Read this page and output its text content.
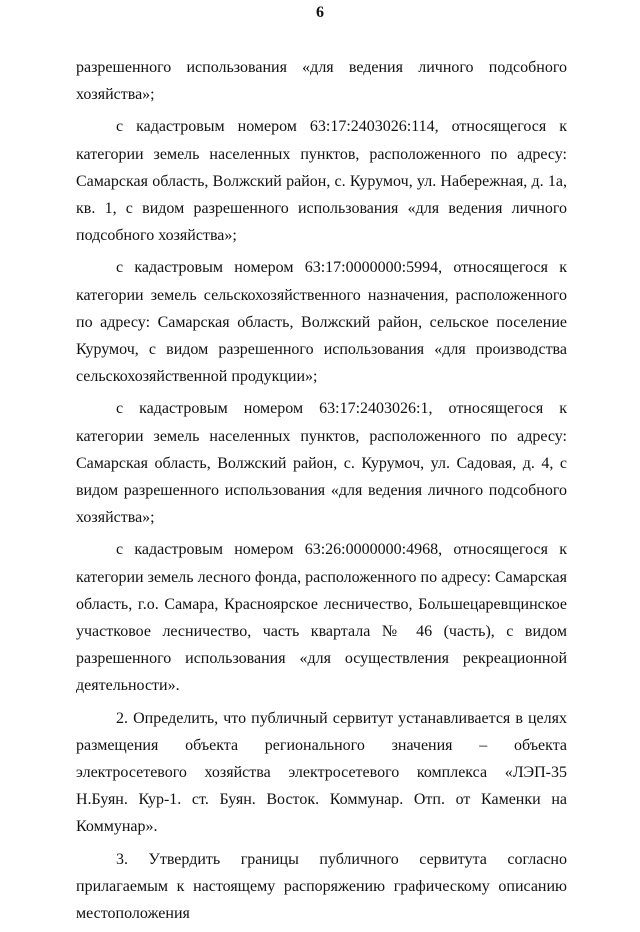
6

разрешенного использования «для ведения личного подсобного хозяйства»;

с кадастровым номером 63:17:2403026:114, относящегося к категории земель населенных пунктов, расположенного по адресу: Самарская область, Волжский район, с. Курумоч, ул. Набережная, д. 1а, кв. 1, с видом разрешенного использования «для ведения личного подсобного хозяйства»;

с кадастровым номером 63:17:0000000:5994, относящегося к категории земель сельскохозяйственного назначения, расположенного по адресу: Самарская область, Волжский район, сельское поселение Курумоч, с видом разрешенного использования «для производства сельскохозяйственной продукции»;

с кадастровым номером 63:17:2403026:1, относящегося к категории земель населенных пунктов, расположенного по адресу: Самарская область, Волжский район, с. Курумоч, ул. Садовая, д. 4, с видом разрешенного использования «для ведения личного подсобного хозяйства»;

с кадастровым номером 63:26:0000000:4968, относящегося к категории земель лесного фонда, расположенного по адресу: Самарская область, г.о. Самара, Красноярское лесничество, Большецаревщинское участковое лесничество, часть квартала № 46 (часть), с видом разрешенного использования «для осуществления рекреационной деятельности».

2. Определить, что публичный сервитут устанавливается в целях размещения объекта регионального значения – объекта электросетевого хозяйства электросетевого комплекса «ЛЭП-35 Н.Буян. Кур-1. ст. Буян. Восток. Коммунар. Отп. от Каменки на Коммунар».

3. Утвердить границы публичного сервитута согласно прилагаемым к настоящему распоряжению графическому описанию местоположения
